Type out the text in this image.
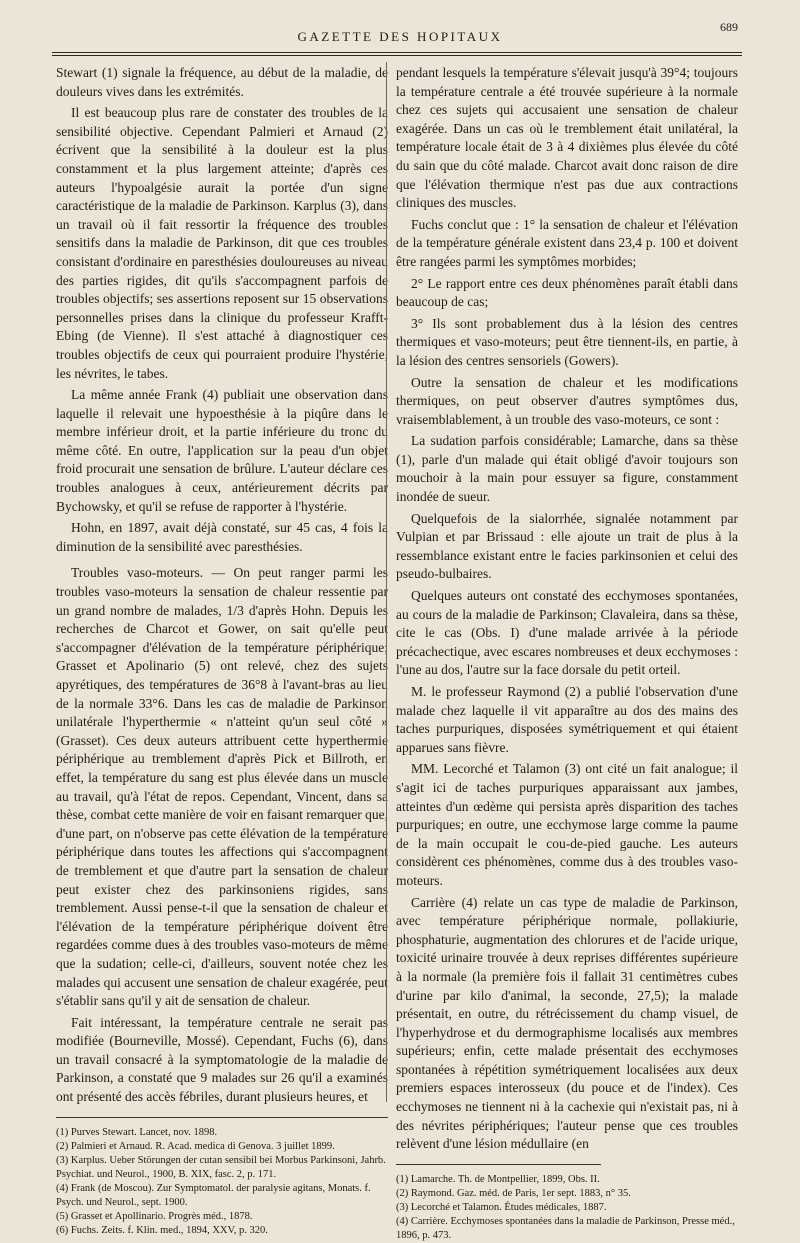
GAZETTE DES HOPITAUX
689

Stewart (1) signale la fréquence, au début de la maladie, de douleurs vives dans les extrémités.

Il est beaucoup plus rare de constater des troubles de la sensibilité objective. Cependant Palmieri et Arnaud (2) écrivent que la sensibilité à la douleur est la plus constamment et la plus largement atteinte; d'après ces auteurs l'hypoalgésie aurait la portée d'un signe caractéristique de la maladie de Parkinson. Karplus (3), dans un travail où il fait ressortir la fréquence des troubles sensitifs dans la maladie de Parkinson, dit que ces troubles consistant d'ordinaire en paresthésies douloureuses au niveau des parties rigides, dit qu'ils s'accompagnent parfois de troubles objectifs; ses assertions reposent sur 15 observations personnelles prises dans la clinique du professeur Krafft-Ebing (de Vienne). Il s'est attaché à diagnostiquer ces troubles objectifs de ceux qui pourraient produire l'hystérie, les névrites, le tabes.

La même année Frank (4) publiait une observation dans laquelle il relevait une hypoesthésie à la piqûre dans le membre inférieur droit, et la partie inférieure du tronc du même côté. En outre, l'application sur la peau d'un objet froid procurait une sensation de brûlure. L'auteur déclare ces troubles analogues à ceux, antérieurement décrits par Bychowsky, et qu'il se refuse de rapporter à l'hystérie.

Hohn, en 1897, avait déjà constaté, sur 45 cas, 4 fois la diminution de la sensibilité avec paresthésies.

Troubles vaso-moteurs. — On peut ranger parmi les troubles vaso-moteurs la sensation de chaleur ressentie par un grand nombre de malades, 1/3 d'après Hohn. Depuis les recherches de Charcot et Gower, on sait qu'elle peut s'accompagner d'élévation de la température périphérique; Grasset et Apolinario (5) ont relevé, chez des sujets apyrétiques, des températures de 36°8 à l'avant-bras au lieu de la normale 33°6. Dans les cas de maladie de Parkinson unilatérale l'hyperthermie « n'atteint qu'un seul côté » (Grasset). Ces deux auteurs attribuent cette hyperthermie périphérique au tremblement d'après Pick et Billroth, en effet, la température du sang est plus élevée dans un muscle au travail, qu'à l'état de repos. Cependant, Vincent, dans sa thèse, combat cette manière de voir en faisant remarquer que, d'une part, on n'observe pas cette élévation de la température périphérique dans toutes les affections qui s'accompagnent de tremblement et que d'autre part la sensation de chaleur peut exister chez des parkinsoniens rigides, sans tremblement. Aussi pense-t-il que la sensation de chaleur et l'élévation de la température périphérique doivent être regardées comme dues à des troubles vaso-moteurs de même que la sudation; celle-ci, d'ailleurs, souvent notée chez les malades qui accusent une sensation de chaleur exagérée, peut s'établir sans qu'il y ait de sensation de chaleur.

Fait intéressant, la température centrale ne serait pas modifiée (Bourneville, Mossé). Cependant, Fuchs (6), dans un travail consacré à la symptomatologie de la maladie de Parkinson, a constaté que 9 malades sur 26 qu'il a examinés ont présenté des accès fébriles, durant plusieurs heures, et

(1) Purves Stewart. Lancet, nov. 1898.
(2) Palmieri et Arnaud. R. Acad. medica di Genova. 3 juillet 1899.
(3) Karplus. Ueber Störungen der cutan sensibil bei Morbus Parkinsoni, Jahrb. Psychiat. und Neurol., 1900, B. XIX, fasc. 2, p. 171.
(4) Frank (de Moscou). Zur Symptomatol. der paralysie agitans, Monats. f. Psych. und Neurol., sept. 1900.
(5) Grasset et Apollinario. Progrès méd., 1878.
(6) Fuchs. Zeits. f. Klin. med., 1894, XXV, p. 320.

pendant lesquels la température s'élevait jusqu'à 39°4; toujours la température centrale a été trouvée supérieure à la normale chez ces sujets qui accusaient une sensation de chaleur exagérée. Dans un cas où le tremblement était unilatéral, la température locale était de 3 à 4 dixièmes plus élevée du côté du sain que du côté malade. Charcot avait donc raison de dire que l'élévation thermique n'est pas due aux contractions cliniques des muscles.

Fuchs conclut que : 1° la sensation de chaleur et l'élévation de la température générale existent dans 23,4 p. 100 et doivent être rangées parmi les symptômes morbides;

2° Le rapport entre ces deux phénomènes paraît établi dans beaucoup de cas;

3° Ils sont probablement dus à la lésion des centres thermiques et vaso-moteurs; peut être tiennent-ils, en partie, à la lésion des centres sensoriels (Gowers).

Outre la sensation de chaleur et les modifications thermiques, on peut observer d'autres symptômes dus, vraisemblablement, à un trouble des vaso-moteurs, ce sont :

La sudation parfois considérable; Lamarche, dans sa thèse (1), parle d'un malade qui était obligé d'avoir toujours son mouchoir à la main pour essuyer sa figure, constamment inondée de sueur.

Quelquefois de la sialorrhée, signalée notamment par Vulpian et par Brissaud : elle ajoute un trait de plus à la ressemblance existant entre le facies parkinsonien et celui des pseudo-bulbaires.

Quelques auteurs ont constaté des ecchymoses spontanées, au cours de la maladie de Parkinson; Clavaleira, dans sa thèse, cite le cas (Obs. I) d'une malade arrivée à la période précachectique, avec escares nombreuses et deux ecchymoses : l'une au dos, l'autre sur la face dorsale du petit orteil.

M. le professeur Raymond (2) a publié l'observation d'une malade chez laquelle il vit apparaître au dos des mains des taches purpuriques, disposées symétriquement et qui étaient apparues sans fièvre.

MM. Lecorché et Talamon (3) ont cité un fait analogue; il s'agit ici de taches purpuriques apparaissant aux jambes, atteintes d'un œdème qui persista après disparition des taches purpuriques; en outre, une ecchymose large comme la paume de la main occupait le cou-de-pied gauche. Les auteurs considèrent ces phénomènes, comme dus à des troubles vaso-moteurs.

Carrière (4) relate un cas type de maladie de Parkinson, avec température périphérique normale, pollakiurie, phosphaturie, augmentation des chlorures et de l'acide urique, toxicité urinaire trouvée à deux reprises différentes supérieure à la normale (la première fois il fallait 31 centimètres cubes d'urine par kilo d'animal, la seconde, 27,5); la malade présentait, en outre, du rétrécissement du champ visuel, de l'hyperhydrose et du dermographisme localisés aux membres supérieurs; enfin, cette malade présentait des ecchymoses spontanées à répétition symétriquement localisées aux deux premiers espaces interosseux (du pouce et de l'index). Ces ecchymoses ne tiennent ni à la cachexie qui n'existait pas, ni à des névrites périphériques; l'auteur pense que ces troubles relèvent d'une lésion médullaire (en

(1) Lamarche. Th. de Montpellier, 1899, Obs. II.
(2) Raymond. Gaz. méd. de Paris, 1er sept. 1883, n° 35.
(3) Lecorché et Talamon. Études médicales, 1887.
(4) Carrière. Ecchymoses spontanées dans la maladie de Parkinson, Presse méd., 1896, p. 473.
